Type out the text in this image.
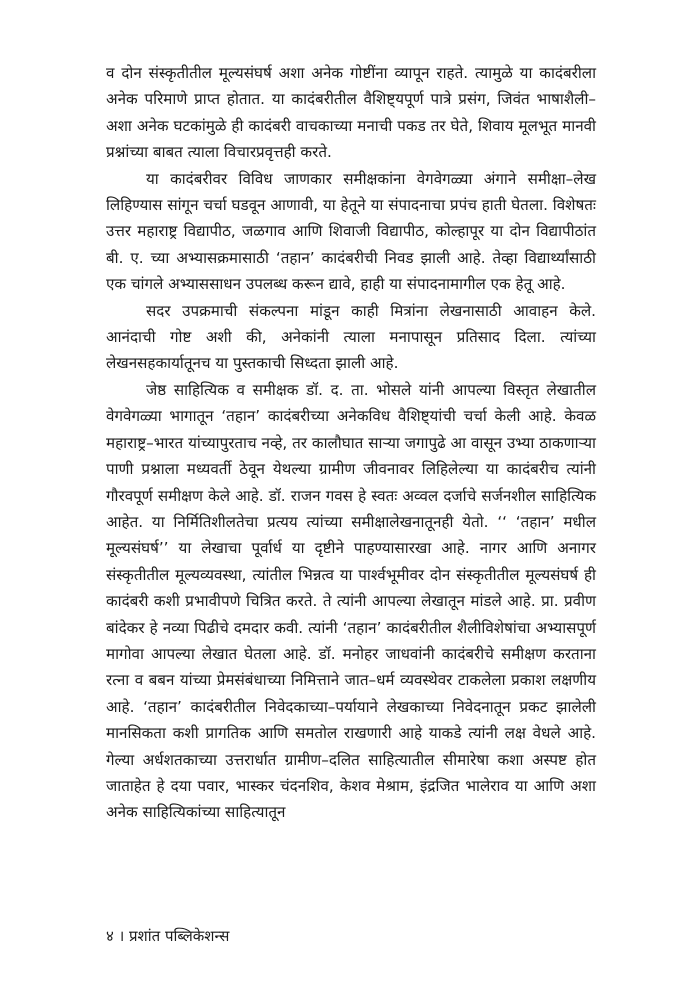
व दोन संस्कृतीतील मूल्यसंघर्ष अशा अनेक गोष्टींना व्यापून राहते. त्यामुळे या कादंबरीला अनेक परिमाणे प्राप्त होतात. या कादंबरीतील वैशिष्ट्यपूर्ण पात्रे प्रसंग, जिवंत भाषाशैली–अशा अनेक घटकांमुळे ही कादंबरी वाचकाच्या मनाची पकड तर घेते, शिवाय मूलभूत मानवी प्रश्नांच्या बाबत त्याला विचारप्रवृत्तही करते.

या कादंबरीवर विविध जाणकार समीक्षकांना वेगवेगळ्या अंगाने समीक्षा–लेख लिहिण्यास सांगून चर्चा घडवून आणावी, या हेतूने या संपादनाचा प्रपंच हाती घेतला. विशेषतः उत्तर महाराष्ट्र विद्यापीठ, जळगाव आणि शिवाजी विद्यापीठ, कोल्हापूर या दोन विद्यापीठांत बी. ए. च्या अभ्यासक्रमासाठी ‘तहान’ कादंबरीची निवड झाली आहे. तेव्हा विद्यार्थ्यांसाठी एक चांगले अभ्याससाधन उपलब्ध करून द्यावे, हाही या संपादनामागील एक हेतू आहे.

सदर उपक्रमाची संकल्पना मांडून काही मित्रांना लेखनासाठी आवाहन केले. आनंदाची गोष्ट अशी की, अनेकांनी त्याला मनापासून प्रतिसाद दिला. त्यांच्या लेखनसहकार्यातूनच या पुस्तकाची सिध्दता झाली आहे.

जेष्ठ साहित्यिक व समीक्षक डॉ. द. ता. भोसले यांनी आपल्या विस्तृत लेखातील वेगवेगळ्या भागातून ‘तहान’ कादंबरीच्या अनेकविध वैशिष्ट्यांची चर्चा केली आहे. केवळ महाराष्ट्र–भारत यांच्यापुरताच नव्हे, तर कालौघात साऱ्या जगापुढे आ वासून उभ्या ठाकणाऱ्या पाणी प्रश्नाला मध्यवर्ती ठेवून येथल्या ग्रामीण जीवनावर लिहिलेल्या या कादंबरीच त्यांनी गौरवपूर्ण समीक्षण केले आहे. डॉ. राजन गवस हे स्वतः अव्वल दर्जाचे सर्जनशील साहित्यिक आहेत. या निर्मितिशीलतेचा प्रत्यय त्यांच्या समीक्षालेखनातूनही येतो. ‘‘ ‘तहान’ मधील मूल्यसंघर्ष’’ या लेखाचा पूर्वार्ध या दृष्टीने पाहण्यासारखा आहे. नागर आणि अनागर संस्कृतीतील मूल्यव्यवस्था, त्यांतील भिन्नत्व या पार्श्वभूमीवर दोन संस्कृतीतील मूल्यसंघर्ष ही कादंबरी कशी प्रभावीपणे चित्रित करते. ते त्यांनी आपल्या लेखातून मांडले आहे. प्रा. प्रवीण बांदेकर हे नव्या पिढीचे दमदार कवी. त्यांनी ‘तहान’ कादंबरीतील शैलीविशेषांचा अभ्यासपूर्ण मागोवा आपल्या लेखात घेतला आहे. डॉ. मनोहर जाधवांनी कादंबरीचे समीक्षण करताना रत्ना व बबन यांच्या प्रेमसंबंधाच्या निमित्ताने जात–धर्म व्यवस्थेवर टाकलेला प्रकाश लक्षणीय आहे. ‘तहान’ कादंबरीतील निवेदकाच्या–पर्यायाने लेखकाच्या निवेदनातून प्रकट झालेली मानसिकता कशी प्रागतिक आणि समतोल राखणारी आहे याकडे त्यांनी लक्ष वेधले आहे. गेल्या अर्धशतकाच्या उत्तरार्धात ग्रामीण–दलित साहित्यातील सीमारेषा कशा अस्पष्ट होत जाताहेत हे दया पवार, भास्कर चंदनशिव, केशव मेश्राम, इंद्रजित भालेराव या आणि अशा अनेक साहित्यिकांच्या साहित्यातून

४ । प्रशांत पब्लिकेशन्स
